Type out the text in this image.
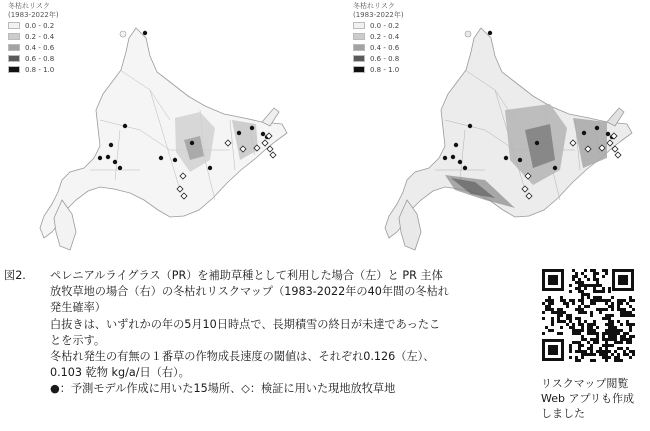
冬枯れリスク
(1983-2022年)
0.0 - 0.2
0.2 - 0.4
0.4 - 0.6
0.6 - 0.8
0.8 - 1.0
冬枯れリスク
(1983-2022年)
0.0 - 0.2
0.2 - 0.4
0.4 - 0.6
0.6 - 0.8
0.8 - 1.0
図2.	ペレニアルライグラス（PR）を補助草種として利用した場合（左）と PR 主体
放牧草地の場合（右）の冬枯れリスクマップ（1983-2022年の40年間の冬枯れ
発生確率）
白抜きは、いずれかの年の5月10日時点で、長期積雪の終日が未達であったこ
とを示す。
冬枯れ発生の有無の１番草の作物成長速度の閾値は、それぞれ0.126（左）、
0.103 乾物 kg/a/日（右）。
●：予測モデル作成に用いた15場所、◇：検証に用いた現地放牧草地	リスクマップ閲覧
Web アプリも作成
しました
